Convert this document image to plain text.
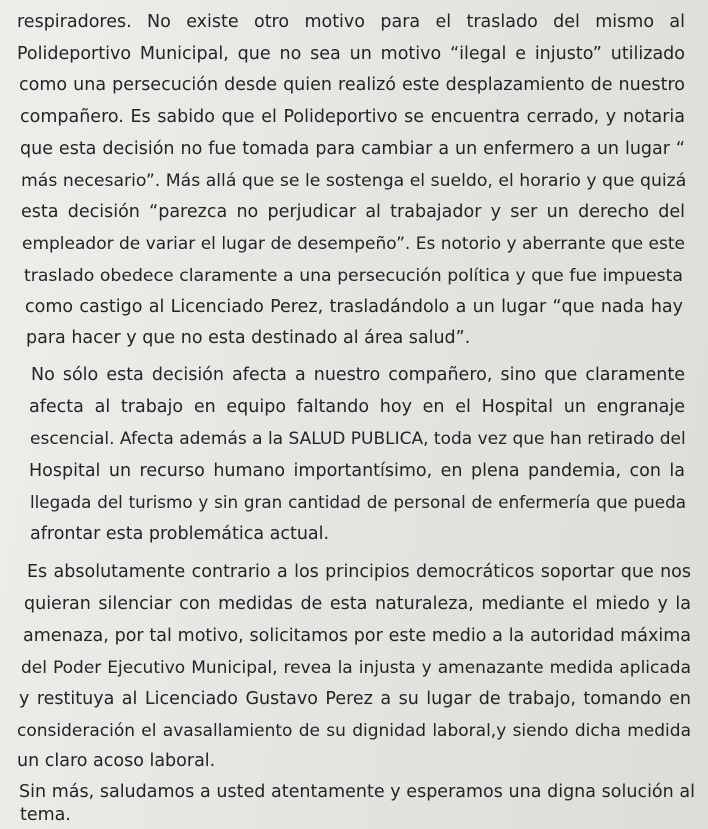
respiradores. No existe otro motivo para el traslado del mismo al
Polideportivo Municipal, que no sea un motivo “ilegal e injusto” utilizado
como una persecución desde quien realizó este desplazamiento de nuestro
compañero. Es sabido que el Polideportivo se encuentra cerrado, y notaria
que esta decisión no fue tomada para cambiar a un enfermero a un lugar “
más necesario”. Más allá que se le sostenga el sueldo, el horario y que quizá
esta decisión “parezca no perjudicar al trabajador y ser un derecho del
empleador de variar el lugar de desempeño”. Es notorio y aberrante que este
traslado obedece claramente a una persecución política y que fue impuesta
como castigo al Licenciado Perez, trasladándolo a un lugar “que nada hay
para hacer y que no esta destinado al área salud”.
No sólo esta decisión afecta a nuestro compañero, sino que claramente
afecta al trabajo en equipo faltando hoy en el Hospital un engranaje
escencial. Afecta además a la SALUD PUBLICA, toda vez que han retirado del
Hospital un recurso humano importantísimo, en plena pandemia, con la
llegada del turismo y sin gran cantidad de personal de enfermería que pueda
afrontar esta problemática actual.
Es absolutamente contrario a los principios democráticos soportar que nos
quieran silenciar con medidas de esta naturaleza, mediante el miedo y la
amenaza, por tal motivo, solicitamos por este medio a la autoridad máxima
del Poder Ejecutivo Municipal, revea la injusta y amenazante medida aplicada
y restituya al Licenciado Gustavo Perez a su lugar de trabajo, tomando en
consideración el avasallamiento de su dignidad laboral,y siendo dicha medida
un claro acoso laboral.
Sin más, saludamos a usted atentamente y esperamos una digna solución al
tema.
